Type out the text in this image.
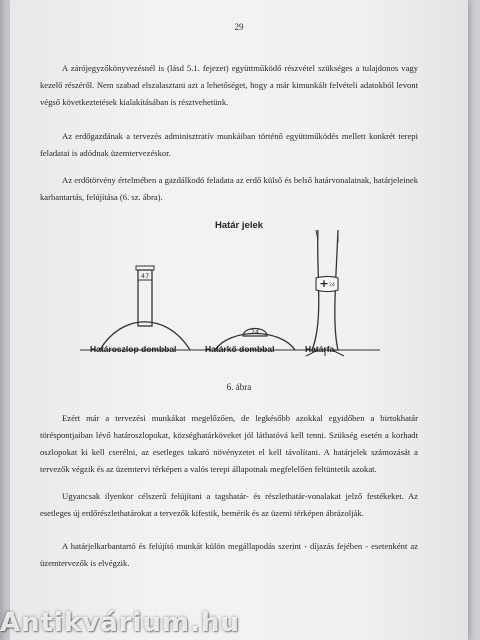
29

A zárójegyzőkönyvezésnél is (lásd 5.1. fejezet) együttműködő részvétel szükséges a tulajdonos vagy kezelő részéről. Nem szabad elszalasztani azt a lehetőséget, hogy a már kimunkált felvételi adatokból levont végső következtetések kialakításában is résztvehetünk.

Az erdőgazdának a tervezés adminisztratív munkáiban történő együttműködés mellett konkrét terepi feladatai is adódnak üzemtervezéskor.

Az erdőtörvény értelmében a gazdálkodó feladata az erdő külső és belső határvonalainak, határjeleinek karbantartás, felújítása (6. sz. ábra).

Határ jelek
47
24
+ 24
Határoszlop dombbal	Határkő dombbal	Határfa
6. ábra

Ezért már a tervezési munkákat megelőzően, de legkésőbb azokkal egyidőben a birtokhatár töréspontjaiban lévő határoszlopokat, községhatárköveket jól láthatóvá kell tenni. Szükség esetén a korhadt oszlopokat ki kell cserélni, az esetleges takaró növényzetet el kell távolítani. A határjelek számozását a tervezők végzik és az üzemtervi térképen a valós terepi állapotnak megfelelően feltüntetik azokat.

Ugyancsak ilyenkor célszerű felújítani a tagshatár- és részlethatár-vonalakat jelző festékeket. Az esetleges új erdőrészlethatárokat a tervezők kifestik, bemérik és az üzemi térképen ábrázolják.

A határjelkarbantartó és felújító munkát külön megállapodás szerint - díjazás fejében - esetenként az üzemtervezők is elvégzik.

Antikvárium.hu
